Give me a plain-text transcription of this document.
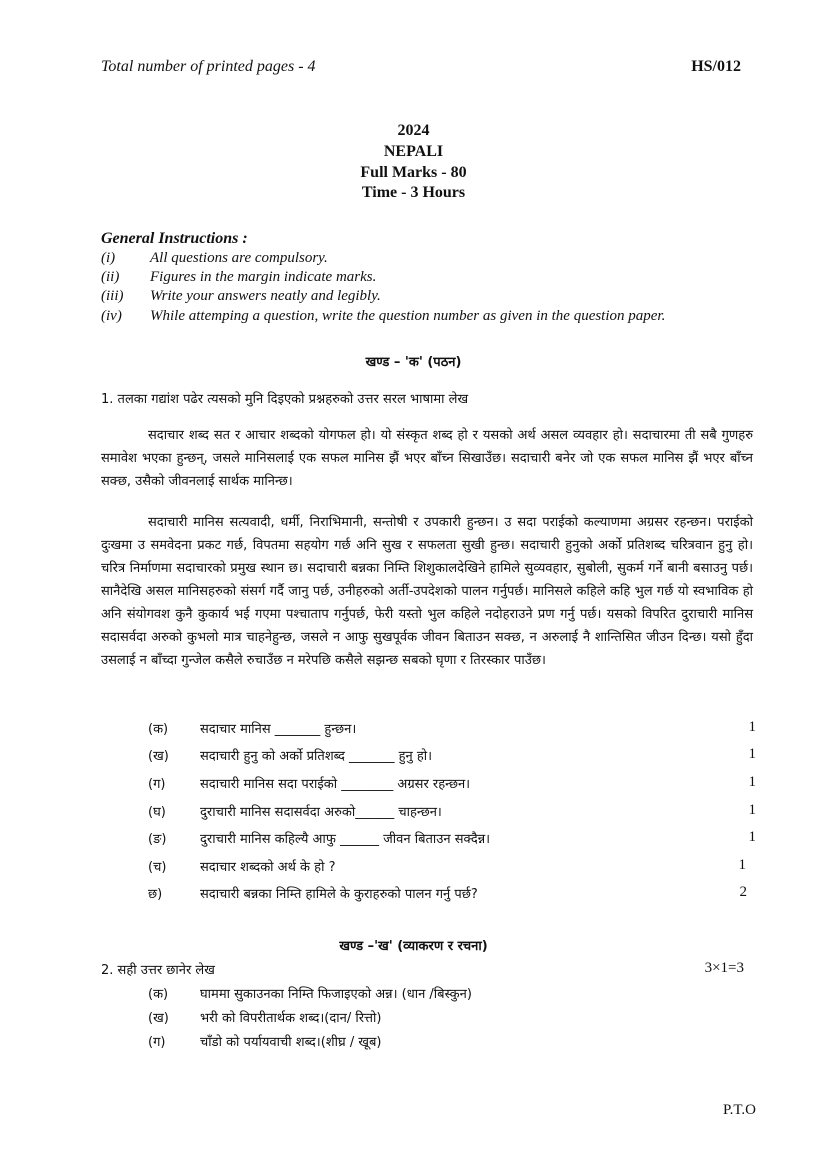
Total number of printed pages - 4	HS/012
2024
NEPALI
Full Marks - 80
Time - 3 Hours
General Instructions :
(i) All questions are compulsory.
(ii) Figures in the margin indicate marks.
(iii) Write your answers neatly and legibly.
(iv) While attemping a question, write the question number as given in the question paper.
खण्ड – 'क' (पठन)
1. तलका गद्यांश पढेर त्यसको मुनि दिइएको प्रश्नहरुको उत्तर सरल भाषामा लेख

सदाचार शब्द सत र आचार शब्दको योगफल हो। यो संस्कृत शब्द हो र यसको अर्थ असल व्यवहार हो। सदाचारमा ती सबै गुणहरु समावेश भएका हुन्छन्, जसले मानिसलाई एक सफल मानिस झैं भएर बाँच्न सिखाउँछ। सदाचारी बनेर जो एक सफल मानिस झैं भएर बाँच्न सक्छ, उसैको जीवनलाई सार्थक मानिन्छ।

सदाचारी मानिस सत्यवादी, धर्मी, निराभिमानी, सन्तोषी र उपकारी हुन्छन। उ सदा पराईको कल्याणमा अग्रसर रहन्छन। पराईको दुःखमा उ समवेदना प्रकट गर्छ, विपतमा सहयोग गर्छ अनि सुख र सफलता सुखी हुन्छ। सदाचारी हुनुको अर्को प्रतिशब्द चरित्रवान हुनु हो। चरित्र निर्माणमा सदाचारको प्रमुख स्थान छ। सदाचारी बन्नका निम्ति शिशुकालदेखिने हामिले सुव्यवहार, सुबोली, सुकर्म गर्ने बानी बसाउनु पर्छ। सानैदेखि असल मानिसहरुको संसर्ग गर्दै जानु पर्छ, उनीहरुको अर्ती-उपदेशको पालन गर्नुपर्छ। मानिसले कहिले कहि भुल गर्छ यो स्वभाविक हो अनि संयोगवश कुनै कुकार्य भई गएमा पश्चाताप गर्नुपर्छ, फेरी यस्तो भुल कहिले नदोहराउने प्रण गर्नु पर्छ। यसको विपरित दुराचारी मानिस सदासर्वदा अरुको कुभलो मात्र चाहनेहुन्छ, जसले न आफु सुखपूर्वक जीवन बिताउन सक्छ, न अरुलाई नै शान्तिसित जीउन दिन्छ। यसो हुँदा उसलाई न बाँच्दा गुन्जेल कसैले रुचाउँछ न मरेपछि कसैले सझन्छ सबको घृणा र तिरस्कार पाउँछ।

(क) सदाचार मानिस _______ हुन्छन।	1
(ख) सदाचारी हुनु को अर्को प्रतिशब्द _______ हुनु हो।	1
(ग)	सदाचारी मानिस सदा पराईको ________ अग्रसर रहन्छन।	1
(घ)	दुराचारी मानिस सदासर्वदा अरुको______ चाहन्छन।	1
(ङ)	दुराचारी मानिस कहिल्यै आफु ______ जीवन बिताउन सक्दैन्न।	1
(च)	सदाचार शब्दको अर्थ के हो ?	1
छ)	सदाचारी बन्नका निम्ति हामिले के कुराहरुको पालन गर्नु पर्छ?	2
खण्ड –'ख' (व्याकरण र रचना)
2. सही उत्तर छानेर लेख	3×1=3
(क) घाममा सुकाउनका निम्ति फिजाइएको अन्न। (धान /बिस्कुन)
(ख) भरी को विपरीतार्थक शब्द।(दान/ रित्तो)
(ग)	चाँडो को पर्यायवाची शब्द।(शीघ्र / खूब)
P.T.O
